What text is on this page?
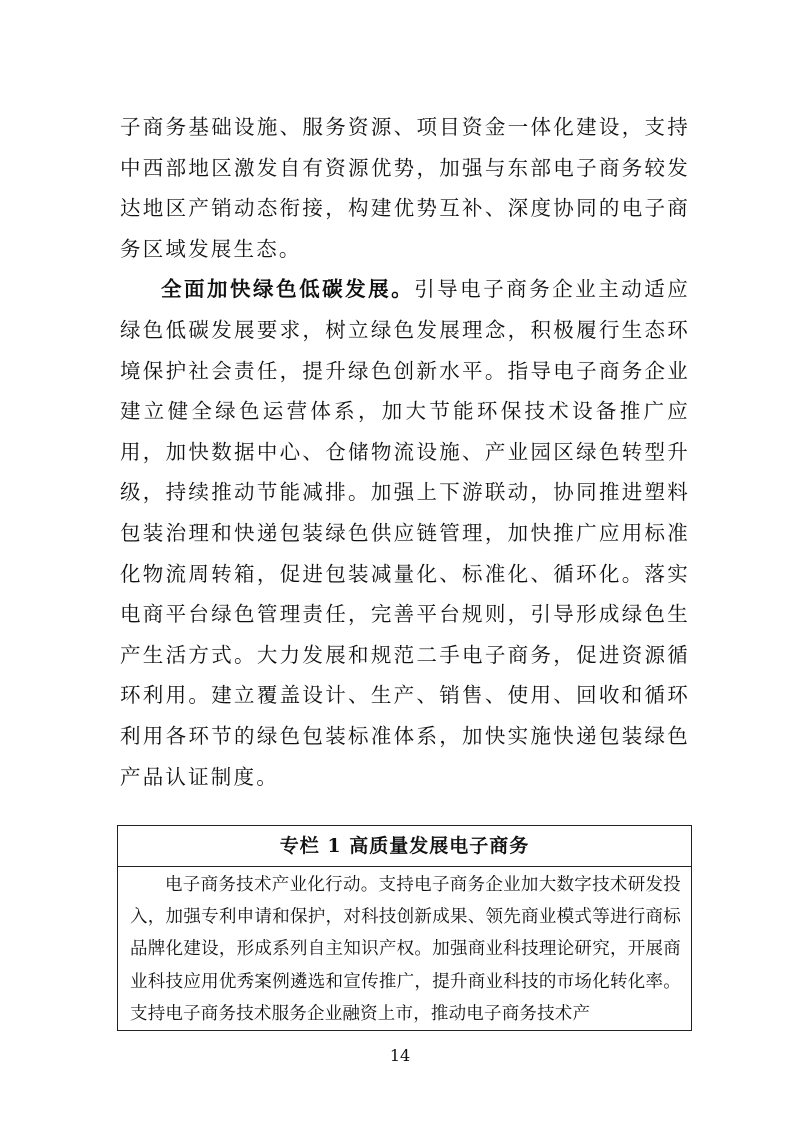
子商务基础设施、服务资源、项目资金一体化建设，支持中西部地区激发自有资源优势，加强与东部电子商务较发达地区产销动态衔接，构建优势互补、深度协同的电子商务区域发展生态。

全面加快绿色低碳发展。引导电子商务企业主动适应绿色低碳发展要求，树立绿色发展理念，积极履行生态环境保护社会责任，提升绿色创新水平。指导电子商务企业建立健全绿色运营体系，加大节能环保技术设备推广应用，加快数据中心、仓储物流设施、产业园区绿色转型升级，持续推动节能减排。加强上下游联动，协同推进塑料包装治理和快递包装绿色供应链管理，加快推广应用标准化物流周转箱，促进包装减量化、标准化、循环化。落实电商平台绿色管理责任，完善平台规则，引导形成绿色生产生活方式。大力发展和规范二手电子商务，促进资源循环利用。建立覆盖设计、生产、销售、使用、回收和循环利用各环节的绿色包装标准体系，加快实施快递包装绿色产品认证制度。

专栏 1 高质量发展电子商务
电子商务技术产业化行动。支持电子商务企业加大数字技术研发投入，加强专利申请和保护，对科技创新成果、领先商业模式等进行商标品牌化建设，形成系列自主知识产权。加强商业科技理论研究，开展商业科技应用优秀案例遴选和宣传推广，提升商业科技的市场化转化率。支持电子商务技术服务企业融资上市，推动电子商务技术产
14
